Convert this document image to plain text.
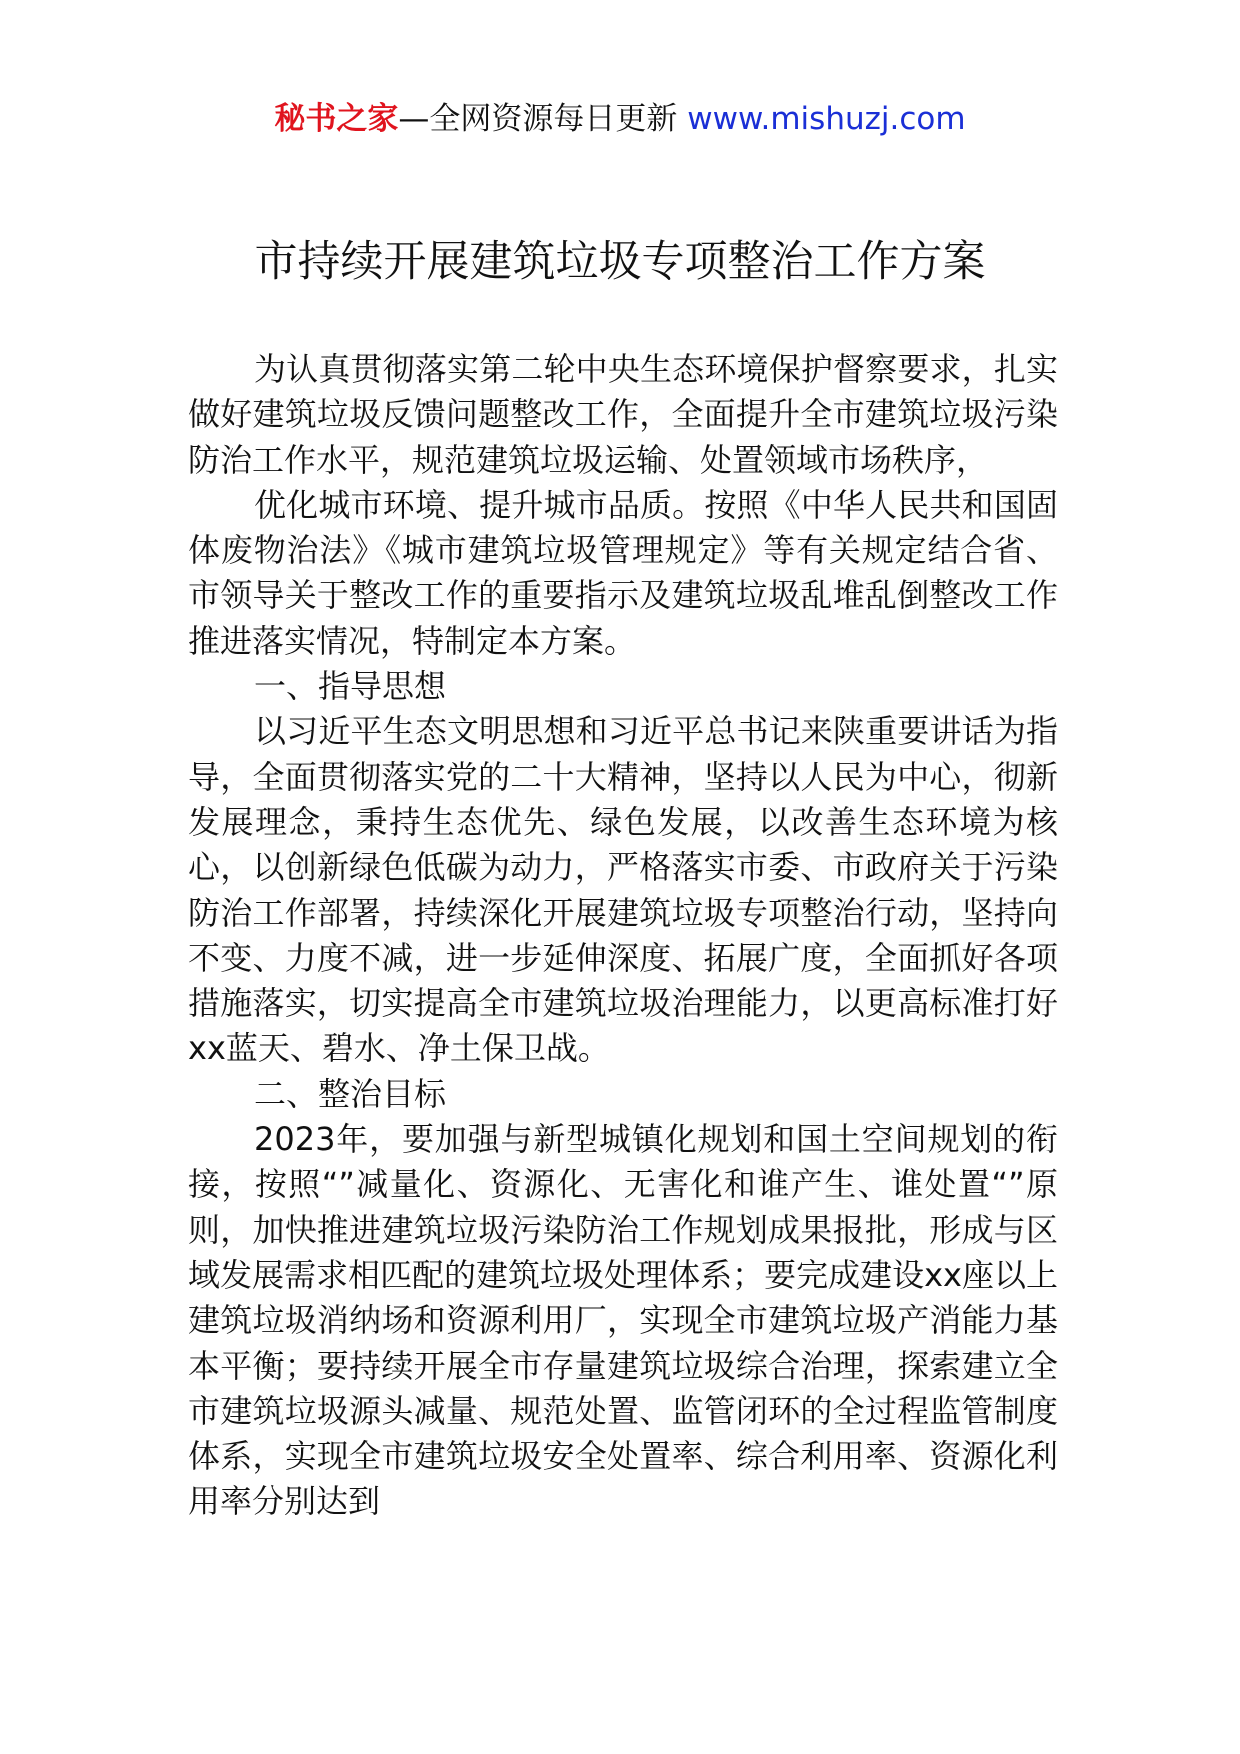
秘书之家—全网资源每日更新 www.mishuzj.com
市持续开展建筑垃圾专项整治工作方案

为认真贯彻落实第二轮中央生态环境保护督察要求，扎实做好建筑垃圾反馈问题整改工作，全面提升全市建筑垃圾污染防治工作水平，规范建筑垃圾运输、处置领域市场秩序，

优化城市环境、提升城市品质。按照《中华人民共和国固体废物治法》《城市建筑垃圾管理规定》等有关规定结合省、市领导关于整改工作的重要指示及建筑垃圾乱堆乱倒整改工作推进落实情况，特制定本方案。

一、指导思想

以习近平生态文明思想和习近平总书记来陕重要讲话为指导，全面贯彻落实党的二十大精神，坚持以人民为中心，彻新发展理念，秉持生态优先、绿色发展，以改善生态环境为核心，以创新绿色低碳为动力，严格落实市委、市政府关于污染防治工作部署，持续深化开展建筑垃圾专项整治行动，坚持向不变、力度不减，进一步延伸深度、拓展广度，全面抓好各项措施落实，切实提高全市建筑垃圾治理能力，以更高标准打好xx蓝天、碧水、净土保卫战。

二、整治目标

2023年，要加强与新型城镇化规划和国土空间规划的衔接，按照“”减量化、资源化、无害化和谁产生、谁处置“”原则，加快推进建筑垃圾污染防治工作规划成果报批，形成与区域发展需求相匹配的建筑垃圾处理体系；要完成建设xx座以上建筑垃圾消纳场和资源利用厂，实现全市建筑垃圾产消能力基本平衡；要持续开展全市存量建筑垃圾综合治理，探索建立全市建筑垃圾源头减量、规范处置、监管闭环的全过程监管制度体系，实现全市建筑垃圾安全处置率、综合利用率、资源化利用率分别达到
